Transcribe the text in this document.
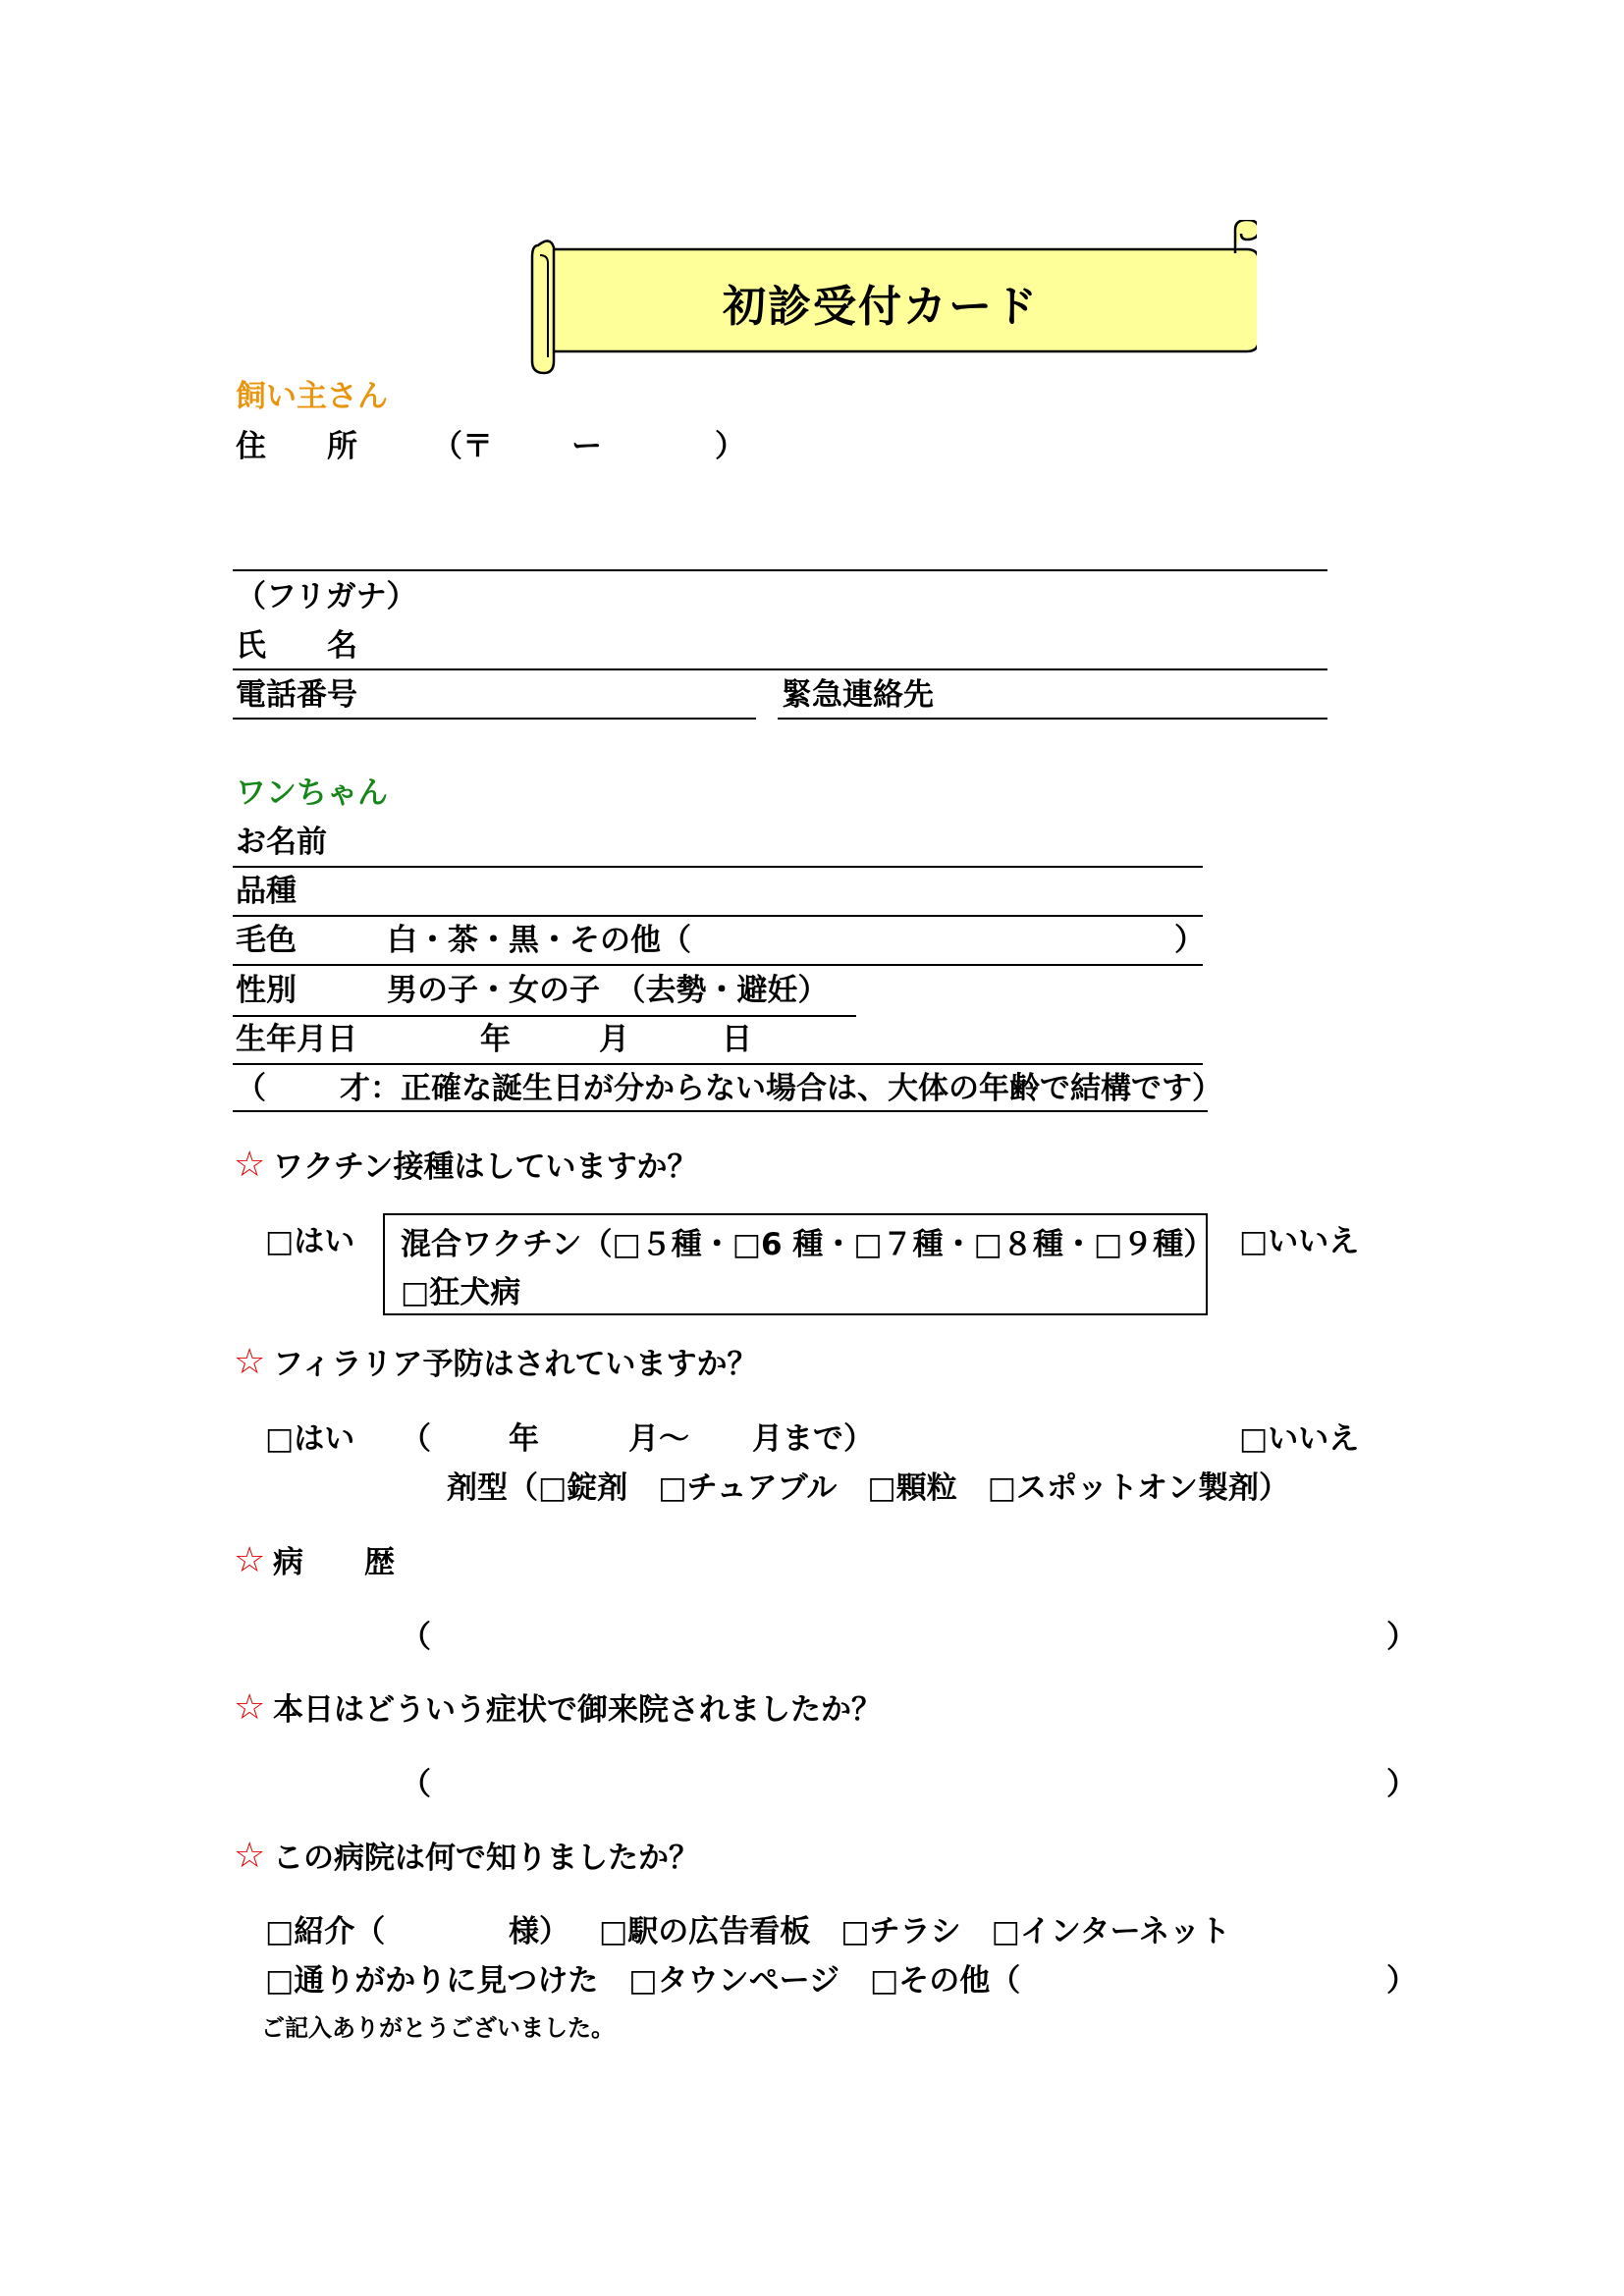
初診受付カード
飼い主さん
住　　所 （〒	ー	）
（フリガナ）
氏　　名
電話番号	緊急連絡先
ワンちゃん
お名前
品種
毛色	白・茶・黒・その他（	）
性別	男の子・女の子　（去勢・避妊）
生年月日	年	月	日
（ 才：正確な誕生日が分からない場合は、大体の年齢で結構です）
☆ ワクチン接種はしていますか？
□はい 混合ワクチン（□５種・□6 種・□７種・□８種・□９種）
□狂犬病
□いいえ
☆ フィラリア予防はされていますか？
□はい （	年	月～ 月まで）	□いいえ
剤型（□錠剤　□チュアブル　□顆粒　□スポットオン製剤）
☆ 病　　歴
（	）
☆ 本日はどういう症状で御来院されましたか？
（	）
☆ この病院は何で知りましたか？
□紹介（	様） □駅の広告看板　□チラシ　□インターネット
□通りがかりに見つけた　□タウンページ　□その他（	）
ご記入ありがとうございました。
